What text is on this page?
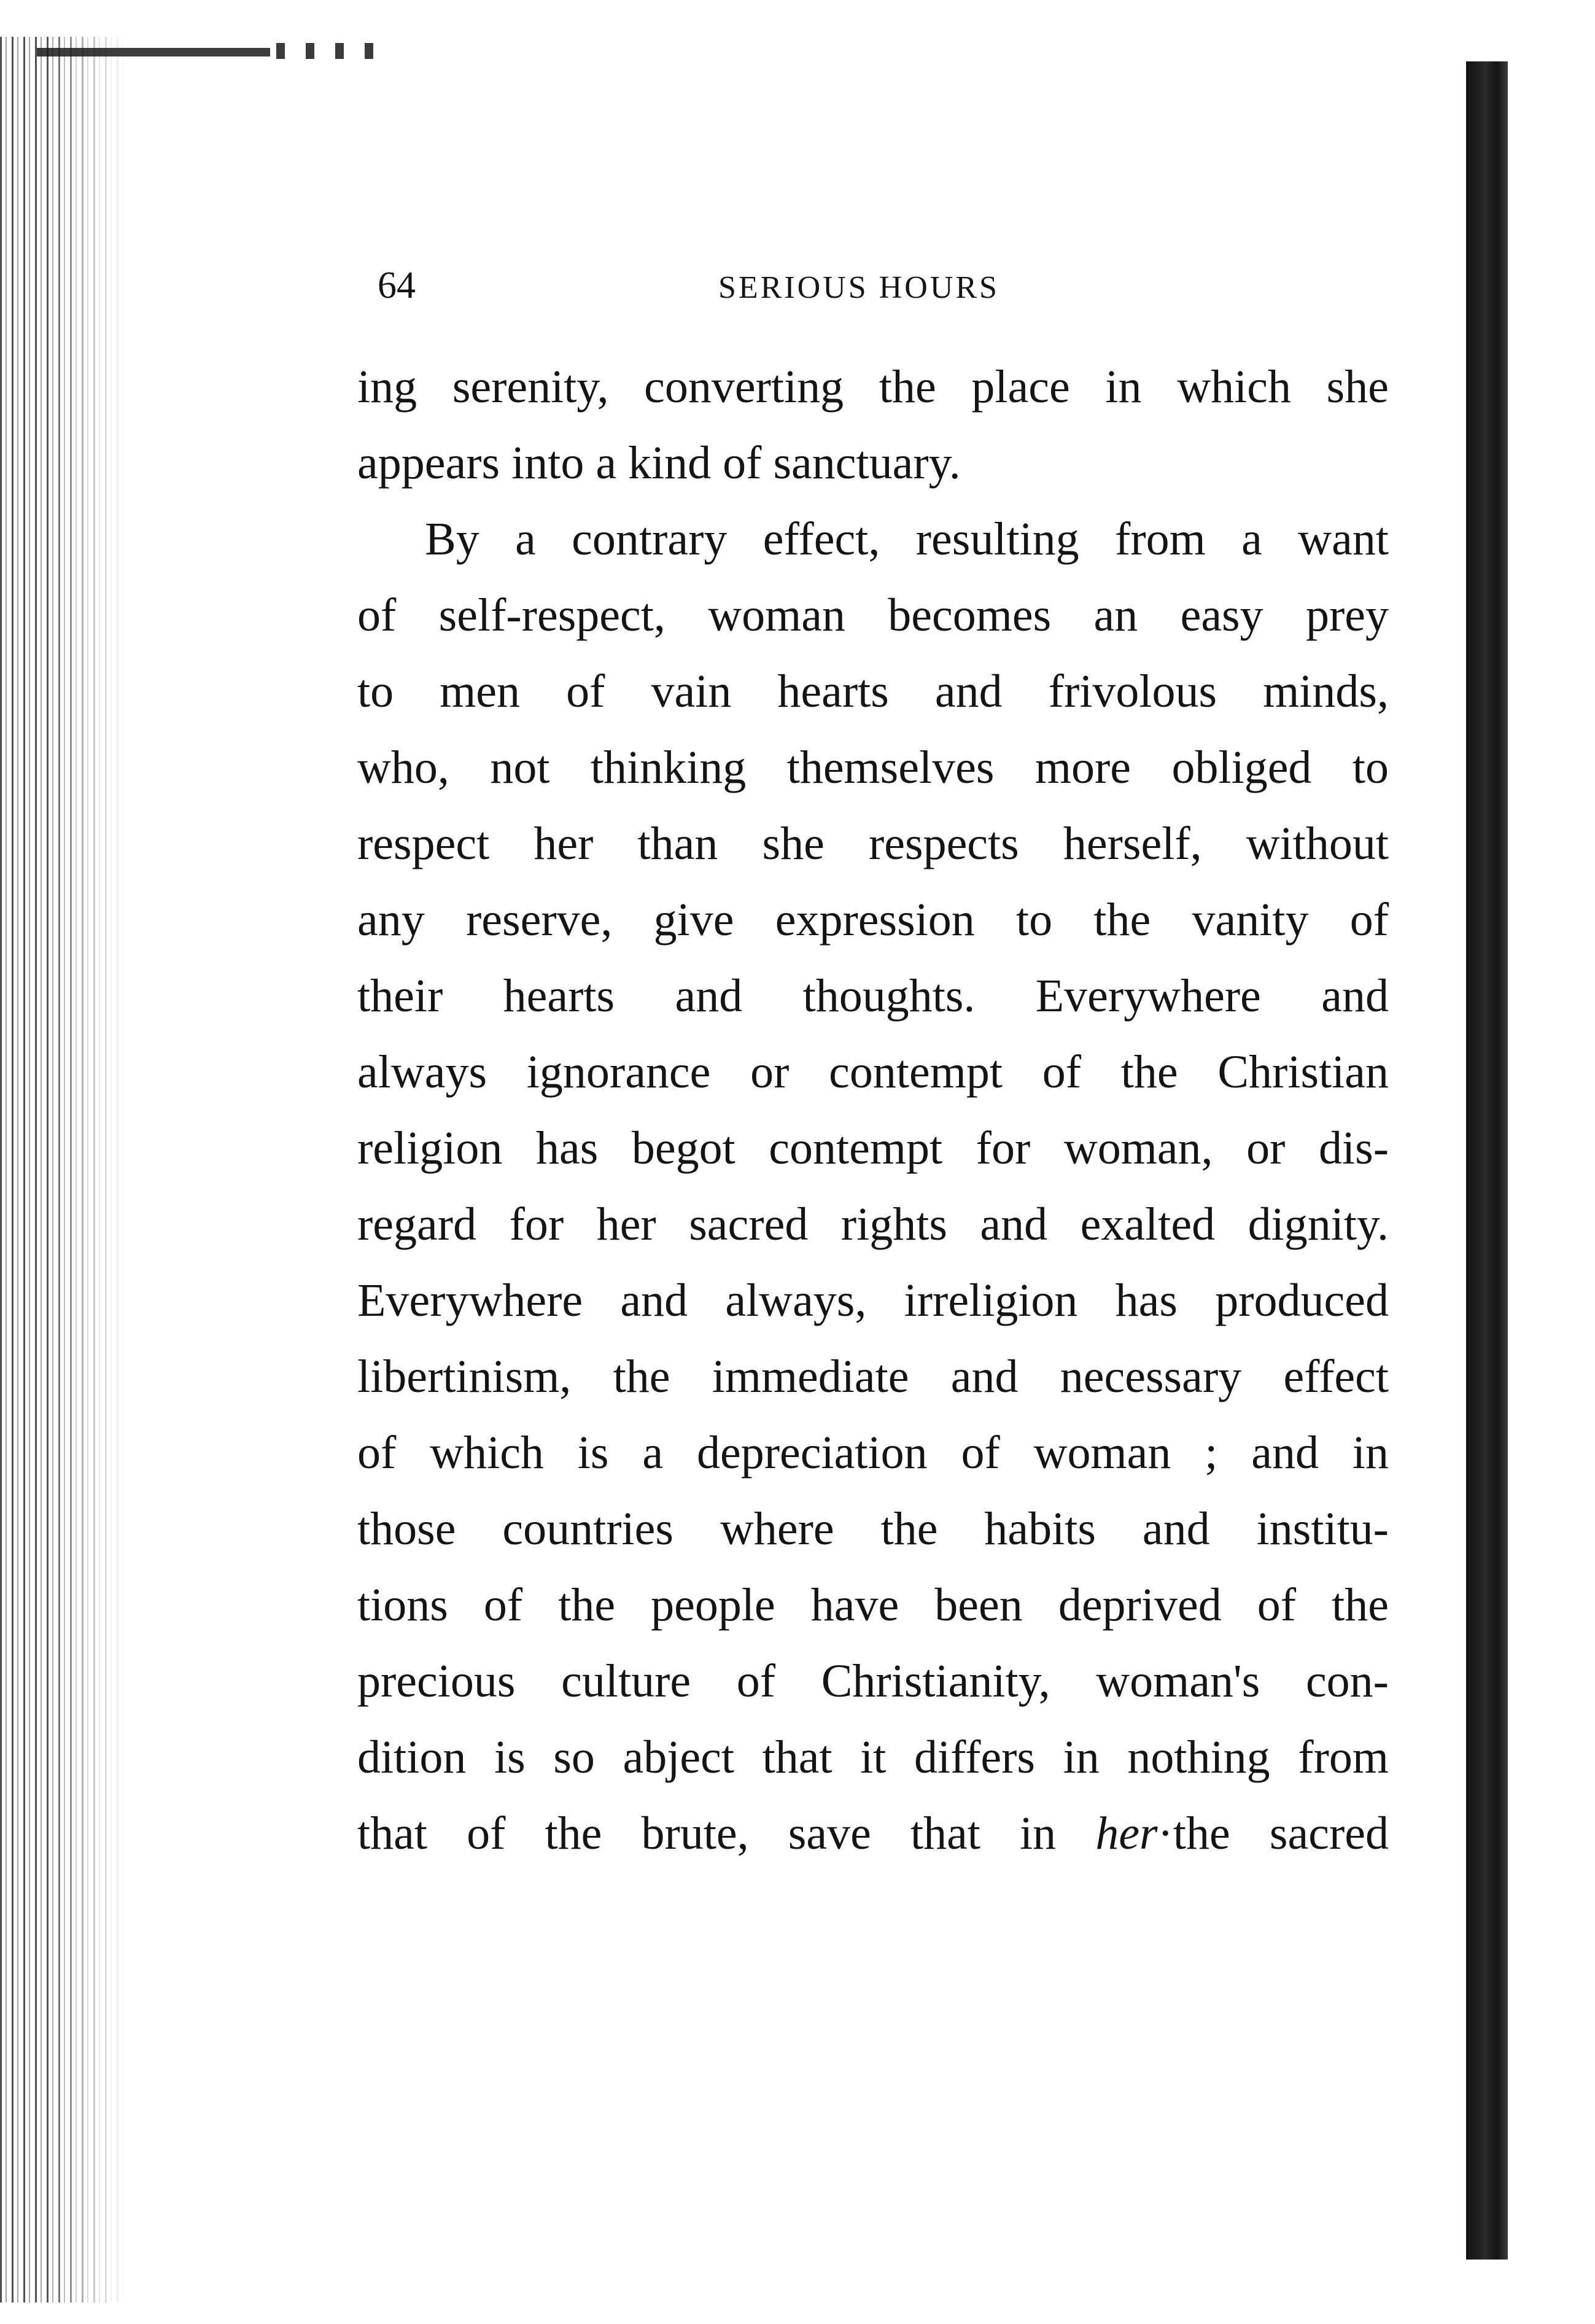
64	SERIOUS HOURS
ing serenity, converting the place in which she
appears into a kind of sanctuary.
By a contrary effect, resulting from a want
of self-respect, woman becomes an easy prey
to men of vain hearts and frivolous minds,
who, not thinking themselves more obliged to
respect her than she respects herself, without
any reserve, give expression to the vanity of
their hearts and thoughts. Everywhere and
always ignorance or contempt of the Christian
religion has begot contempt for woman, or dis-
regard for her sacred rights and exalted dignity.
Everywhere and always, irreligion has produced
libertinism, the immediate and necessary effect
of which is a depreciation of woman ; and in
those countries where the habits and institu-
tions of the people have been deprived of the
precious culture of Christianity, woman's con-
dition is so abject that it differs in nothing from
that of the brute, save that in her·the sacred
